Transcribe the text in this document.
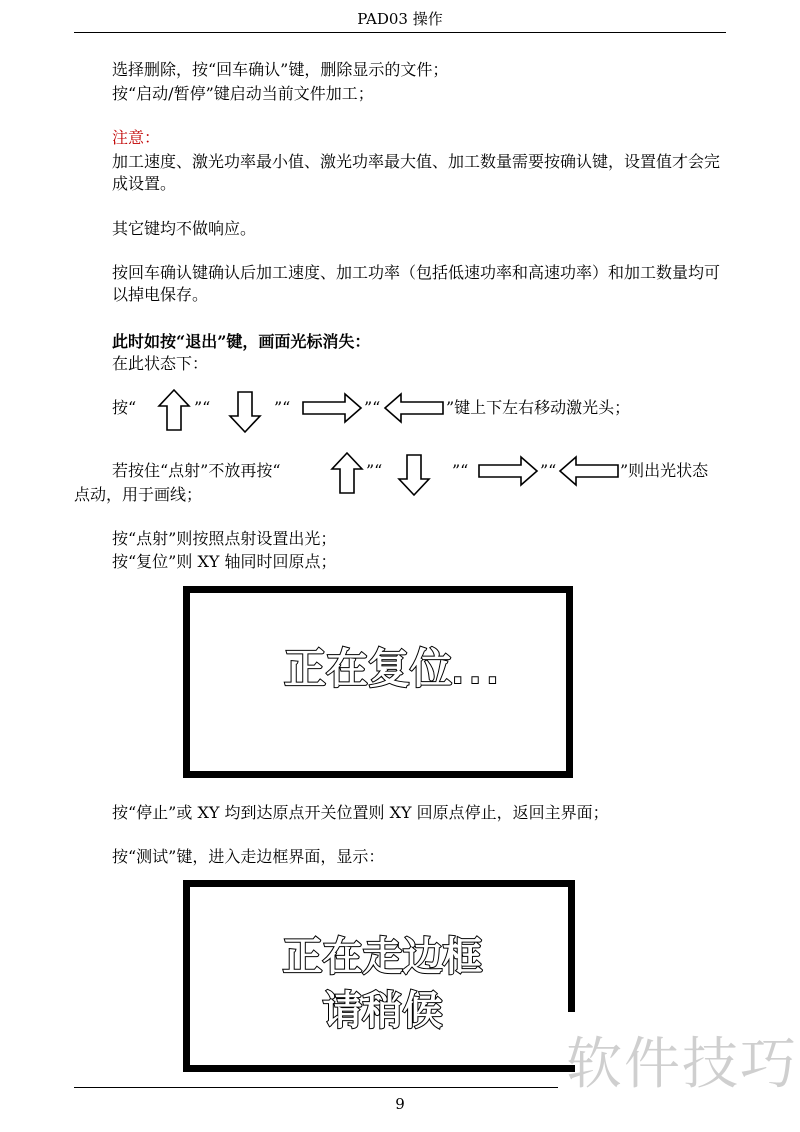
PAD03 操作
选择删除，按“回车确认”键，删除显示的文件；
按“启动/暂停”键启动当前文件加工；
注意：
加工速度、激光功率最小值、激光功率最大值、加工数量需要按确认键，设置值才会完成设置。
其它键均不做响应。
按回车确认键确认后加工速度、加工功率（包括低速功率和高速功率）和加工数量均可以掉电保存。
此时如按“退出”键，画面光标消失：
在此状态下：
按“	”“	”“	”“	”键上下左右移动激光头；
若按住“点射”不放再按“	”“	”“	”“	”则出光状态
点动，用于画线；
按“点射”则按照点射设置出光；
按“复位”则 XY 轴同时回原点；
正在复位...
按“停止”或 XY 均到达原点开关位置则 XY 回原点停止，返回主界面；
按“测试”键，进入走边框界面，显示：
正在走边框
请稍候
9
软件技巧
